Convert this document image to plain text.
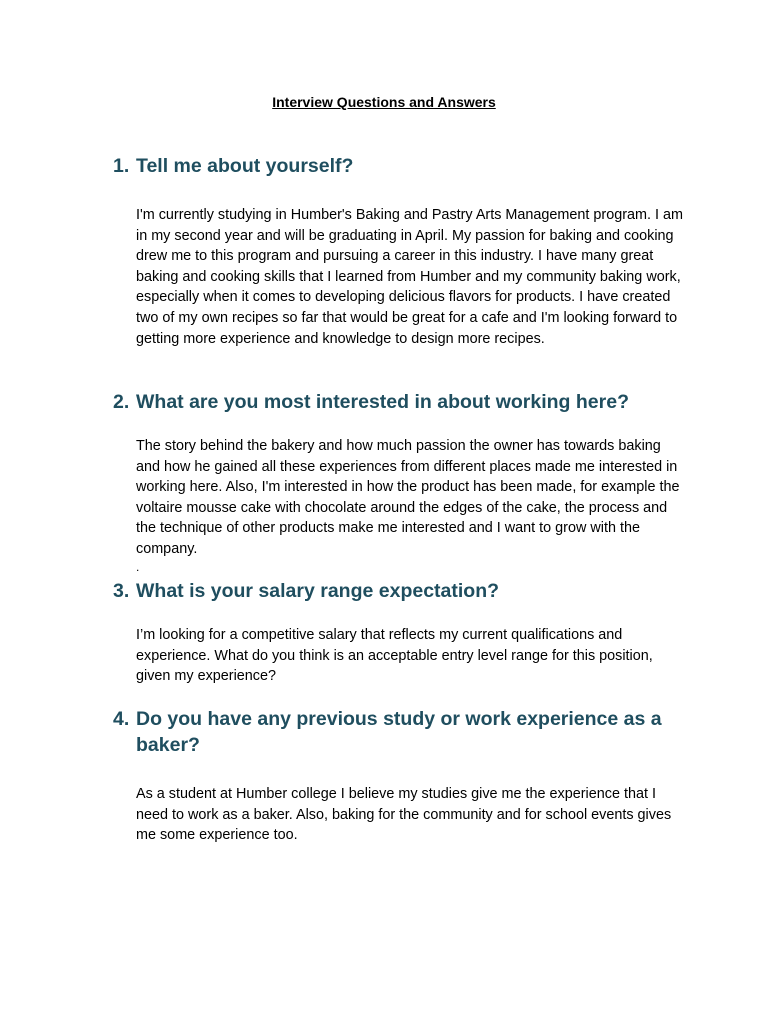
Interview Questions and Answers
1. Tell me about yourself?
I'm currently studying in Humber's Baking and Pastry Arts Management program. I am in my second year and will be graduating in April. My passion for baking and cooking drew me to this program and pursuing a career in this industry. I have many great baking and cooking skills that I learned from Humber and my community baking work, especially when it comes to developing delicious flavors for products. I have created two of my own recipes so far that would be great for a cafe and I'm looking forward to getting more experience and knowledge to design more recipes.
2. What are you most interested in about working here?
The story behind the bakery and how much passion the owner has towards baking and how he gained all these experiences from different places made me interested in working here. Also, I'm interested in how the product has been made, for example the voltaire mousse cake with chocolate around the edges of the cake, the process and the technique of other products make me interested and I want to grow with the company.
.
3. What is your salary range expectation?
I’m looking for a competitive salary that reflects my current qualifications and experience. What do you think is an acceptable entry level range for this position, given my experience?
4. Do you have any previous study or work experience as a baker?
As a student at Humber college I believe my studies give me the experience that I need to work as a baker. Also, baking for the community and for school events gives me some experience too.
